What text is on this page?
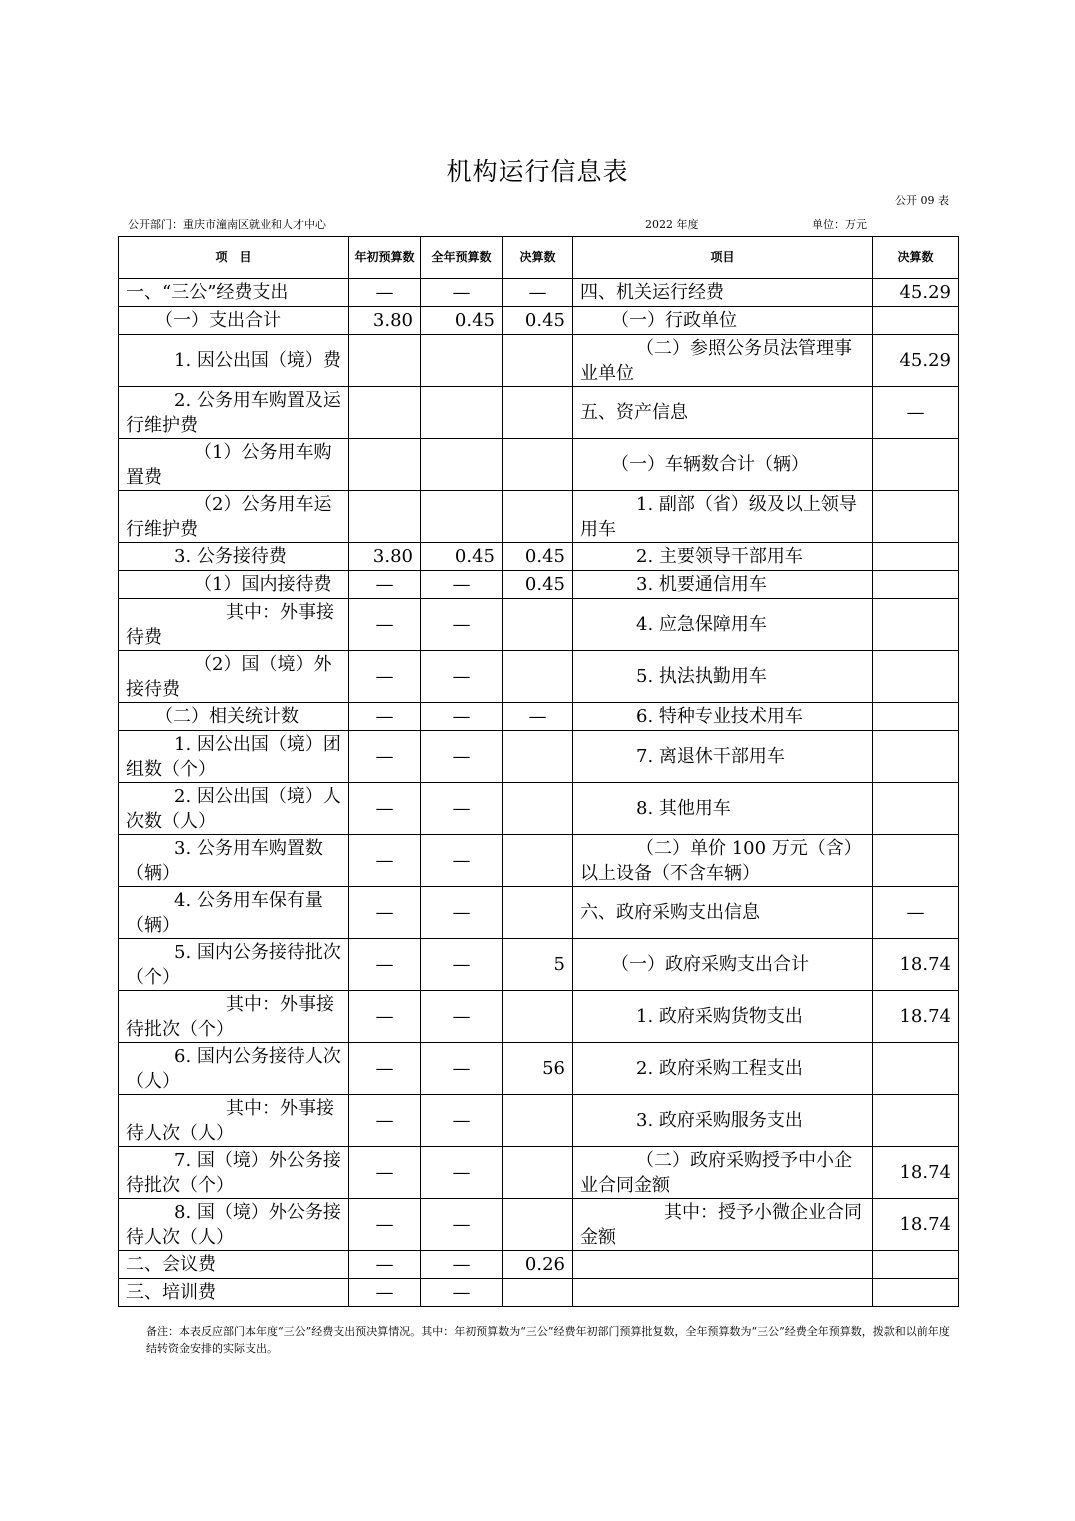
机构运行信息表
公开 09 表
公开部门：重庆市潼南区就业和人才中心	2022 年度	单位：万元
项　目	年初预算数	全年预算数	决算数	项目	决算数
一、“三公”经费支出	—	—	—	四、机关运行经费	45.29
（一）支出合计	3.80	0.45	0.45	（一）行政单位	
1. 因公出国（境）费				（二）参照公务员法管理事业单位	45.29
2. 公务用车购置及运行维护费				五、资产信息	—
（1）公务用车购置费				（一）车辆数合计（辆）	
（2）公务用车运行维护费				1. 副部（省）级及以上领导用车	
3. 公务接待费	3.80	0.45	0.45	2. 主要领导干部用车	
（1）国内接待费	—	—	0.45	3. 机要通信用车	
其中：外事接待费	—	—		4. 应急保障用车	
（2）国（境）外接待费	—	—		5. 执法执勤用车	
（二）相关统计数	—	—	—	6. 特种专业技术用车	
1. 因公出国（境）团组数（个）	—	—		7. 离退休干部用车	
2. 因公出国（境）人次数（人）	—	—		8. 其他用车	
3. 公务用车购置数（辆）	—	—		（二）单价 100 万元（含）以上设备（不含车辆）	
4. 公务用车保有量（辆）	—	—		六、政府采购支出信息	—
5. 国内公务接待批次（个）	—	—	5	（一）政府采购支出合计	18.74
其中：外事接待批次（个）	—	—		1. 政府采购货物支出	18.74
6. 国内公务接待人次（人）	—	—	56	2. 政府采购工程支出	
其中：外事接待人次（人）	—	—		3. 政府采购服务支出	
7. 国（境）外公务接待批次（个）	—	—		（二）政府采购授予中小企业合同金额	18.74
8. 国（境）外公务接待人次（人）	—	—		其中：授予小微企业合同金额	18.74
二、会议费	—	—	0.26		
三、培训费	—	—			
备注：本表反应部门本年度“三公”经费支出预决算情况。其中：年初预算数为“三公”经费年初部门预算批复数，全年预算数为“三公”经费全年预算数，拨款和以前年度结转资金安排的实际支出。
